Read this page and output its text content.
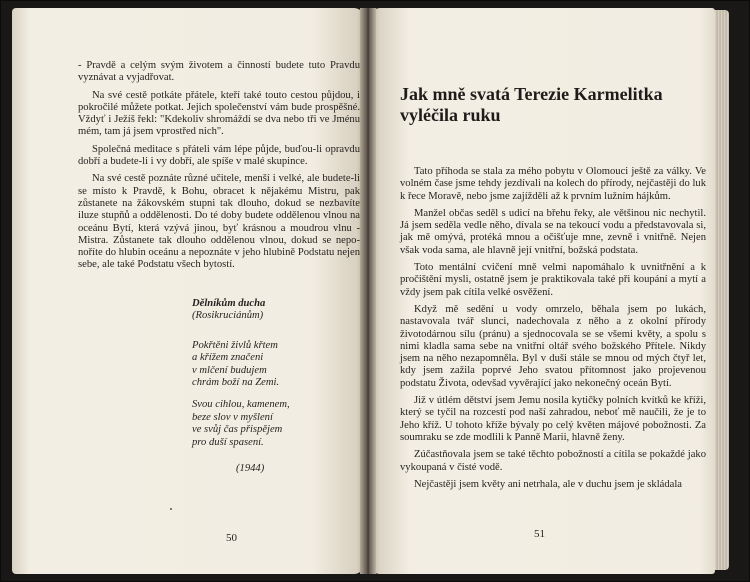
- Pravdě a celým svým životem a činností budete tuto Pravdu vyznávat a vyjadřovat.

Na své cestě potkáte přátele, kteří také touto cestou půjdou, i pokročilé můžete potkat. Jejich společenství vám bude prospěšné. Vždyť i Ježíš řekl: "Kdekoliv shromáždí se dva nebo tři ve Jménu mém, tam já jsem vprostřed nich".

Společná meditace s přáteli vám lépe půjde, buďou-li opravdu dobří a budete-li i vy dobří, ale spíše v malé skupince.

Na své cestě poznáte různé učitele, menší i velké, ale budete-li se místo k Pravdě, k Bohu, obracet k nějakému Mistru, pak zůstanete na žákovském stupni tak dlouho, dokud se nezbavíte iluze stupňů a oddělenosti. Do té doby budete oddělenou vlnou na oceánu Bytí, která vzývá jinou, byť krásnou a moudrou vlnu - Mistra. Zůstanete tak dlouho oddělenou vlnou, dokud se nepo-noříte do hlubin oceánu a nepoznáte v jeho hlubině Podstatu nejen sebe, ale také Podstatu všech bytostí.

Dělníkům ducha
(Rosikruciánům)
Pokřtěni živlů křtem
a křížem značeni
v mlčení budujem
chrám boží na Zemi.
Svou cihlou, kamenem,
beze slov v myšlení
ve svůj čas přispějem
pro duší spasení.
(1944)
50
Jak mně svatá Terezie Karmelitka vyléčila ruku

Tato příhoda se stala za mého pobytu v Olomouci ještě za války. Ve volném čase jsme tehdy jezdívali na kolech do přírody, nejčastěji do luk k řece Moravě, nebo jsme zajížděli až k prvním lužním hájkům.

Manžel občas seděl s udicí na břehu řeky, ale většinou nic nechytil. Já jsem seděla vedle něho, dívala se na tekoucí vodu a představovala si, jak mě omývá, protéká mnou a očišťuje mne, zevně i vnitřně. Nejen však voda sama, ale hlavně její vnitřní, božská podstata.

Toto mentální cvičení mně velmi napomáhalo k uvnitřnění a k pročištění mysli, ostatně jsem je praktikovala také při koupání a mytí a vždy jsem pak cítila velké osvěžení.

Když mě sedění u vody omrzelo, běhala jsem po lukách, nastavovala tvář slunci, nadechovala z něho a z okolní přírody životodárnou sílu (pránu) a sjednocovala se se všemi květy, a spolu s nimi kladla sama sebe na vnitřní oltář svého božského Přítele. Nikdy jsem na něho nezapomněla. Byl v duši stále se mnou od mých čtyř let, kdy jsem zažila poprvé Jeho svatou přítomnost jako projevenou podstatu Života, odevšad vyvěrající jako nekonečný oceán Bytí.

Již v útlém dětství jsem Jemu nosila kytičky polních kvítků ke kříži, který se tyčil na rozcestí pod naší zahradou, neboť mě naučili, že je to Jeho kříž. U tohoto kříže bývaly po celý květen májové pobožnosti. Za soumraku se zde modlili k Panně Marii, hlavně ženy.

Zúčastňovala jsem se také těchto pobožností a cítila se pokaždé jako vykoupaná v čisté vodě.

Nejčastěji jsem květy ani netrhala, ale v duchu jsem je skládala

51
